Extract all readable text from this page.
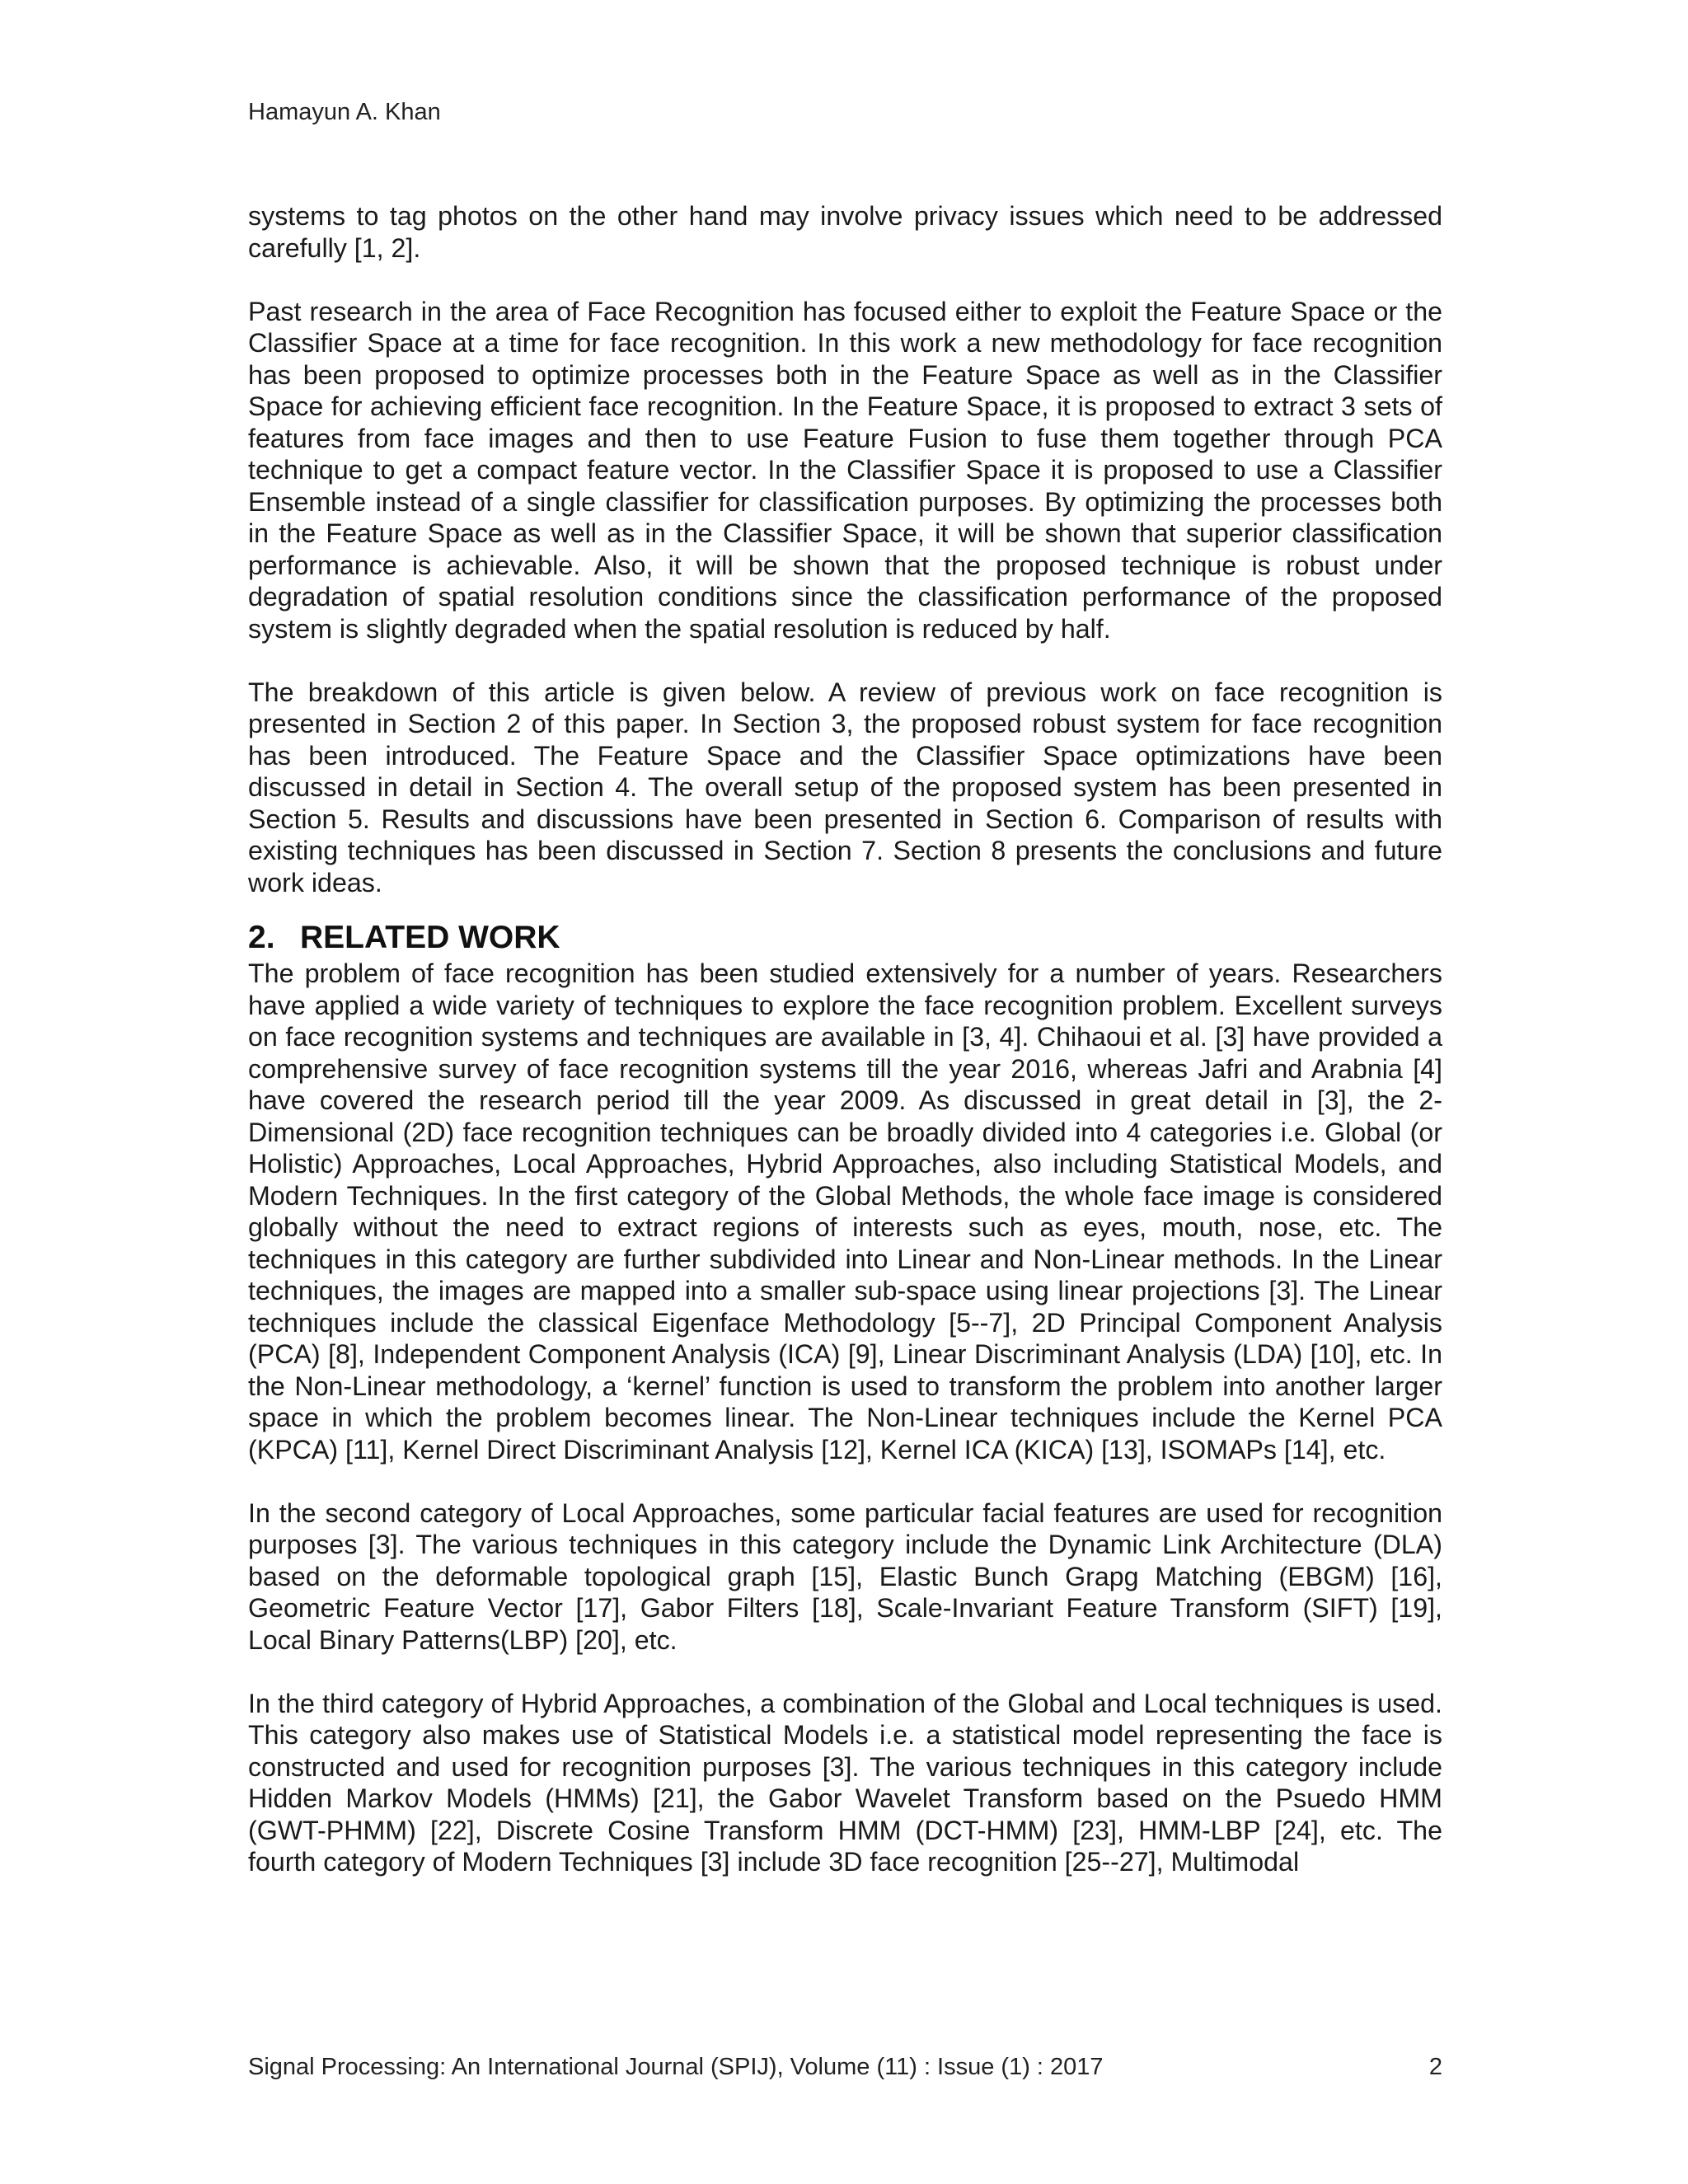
Hamayun A. Khan

systems to tag photos on the other hand may involve privacy issues which need to be addressed carefully [1, 2].

Past research in the area of Face Recognition has focused either to exploit the Feature Space or the Classifier Space at a time for face recognition. In this work a new methodology for face recognition has been proposed to optimize processes both in the Feature Space as well as in the Classifier Space for achieving efficient face recognition. In the Feature Space, it is proposed to extract 3 sets of features from face images and then to use Feature Fusion to fuse them together through PCA technique to get a compact feature vector. In the Classifier Space it is proposed to use a Classifier Ensemble instead of a single classifier for classification purposes. By optimizing the processes both in the Feature Space as well as in the Classifier Space, it will be shown that superior classification performance is achievable. Also, it will be shown that the proposed technique is robust under degradation of spatial resolution conditions since the classification performance of the proposed system is slightly degraded when the spatial resolution is reduced by half.

The breakdown of this article is given below. A review of previous work on face recognition is presented in Section 2 of this paper. In Section 3, the proposed robust system for face recognition has been introduced. The Feature Space and the Classifier Space optimizations have been discussed in detail in Section 4. The overall setup of the proposed system has been presented in Section 5. Results and discussions have been presented in Section 6. Comparison of results with existing techniques has been discussed in Section 7. Section 8 presents the conclusions and future work ideas.

2. RELATED WORK

The problem of face recognition has been studied extensively for a number of years. Researchers have applied a wide variety of techniques to explore the face recognition problem. Excellent surveys on face recognition systems and techniques are available in [3, 4]. Chihaoui et al. [3] have provided a comprehensive survey of face recognition systems till the year 2016, whereas Jafri and Arabnia [4] have covered the research period till the year 2009. As discussed in great detail in [3], the 2-Dimensional (2D) face recognition techniques can be broadly divided into 4 categories i.e. Global (or Holistic) Approaches, Local Approaches, Hybrid Approaches, also including Statistical Models, and Modern Techniques. In the first category of the Global Methods, the whole face image is considered globally without the need to extract regions of interests such as eyes, mouth, nose, etc. The techniques in this category are further subdivided into Linear and Non-Linear methods. In the Linear techniques, the images are mapped into a smaller sub-space using linear projections [3]. The Linear techniques include the classical Eigenface Methodology [5--7], 2D Principal Component Analysis (PCA) [8], Independent Component Analysis (ICA) [9], Linear Discriminant Analysis (LDA) [10], etc. In the Non-Linear methodology, a ‘kernel’ function is used to transform the problem into another larger space in which the problem becomes linear. The Non-Linear techniques include the Kernel PCA (KPCA) [11], Kernel Direct Discriminant Analysis [12], Kernel ICA (KICA) [13], ISOMAPs [14], etc.

In the second category of Local Approaches, some particular facial features are used for recognition purposes [3]. The various techniques in this category include the Dynamic Link Architecture (DLA) based on the deformable topological graph [15], Elastic Bunch Grapg Matching (EBGM) [16], Geometric Feature Vector [17], Gabor Filters [18], Scale-Invariant Feature Transform (SIFT) [19], Local Binary Patterns(LBP) [20], etc.

In the third category of Hybrid Approaches, a combination of the Global and Local techniques is used. This category also makes use of Statistical Models i.e. a statistical model representing the face is constructed and used for recognition purposes [3]. The various techniques in this category include Hidden Markov Models (HMMs) [21], the Gabor Wavelet Transform based on the Psuedo HMM (GWT-PHMM) [22], Discrete Cosine Transform HMM (DCT-HMM) [23], HMM-LBP [24], etc. The fourth category of Modern Techniques [3] include 3D face recognition [25--27], Multimodal

Signal Processing: An International Journal (SPIJ), Volume (11) : Issue (1) : 2017	2
